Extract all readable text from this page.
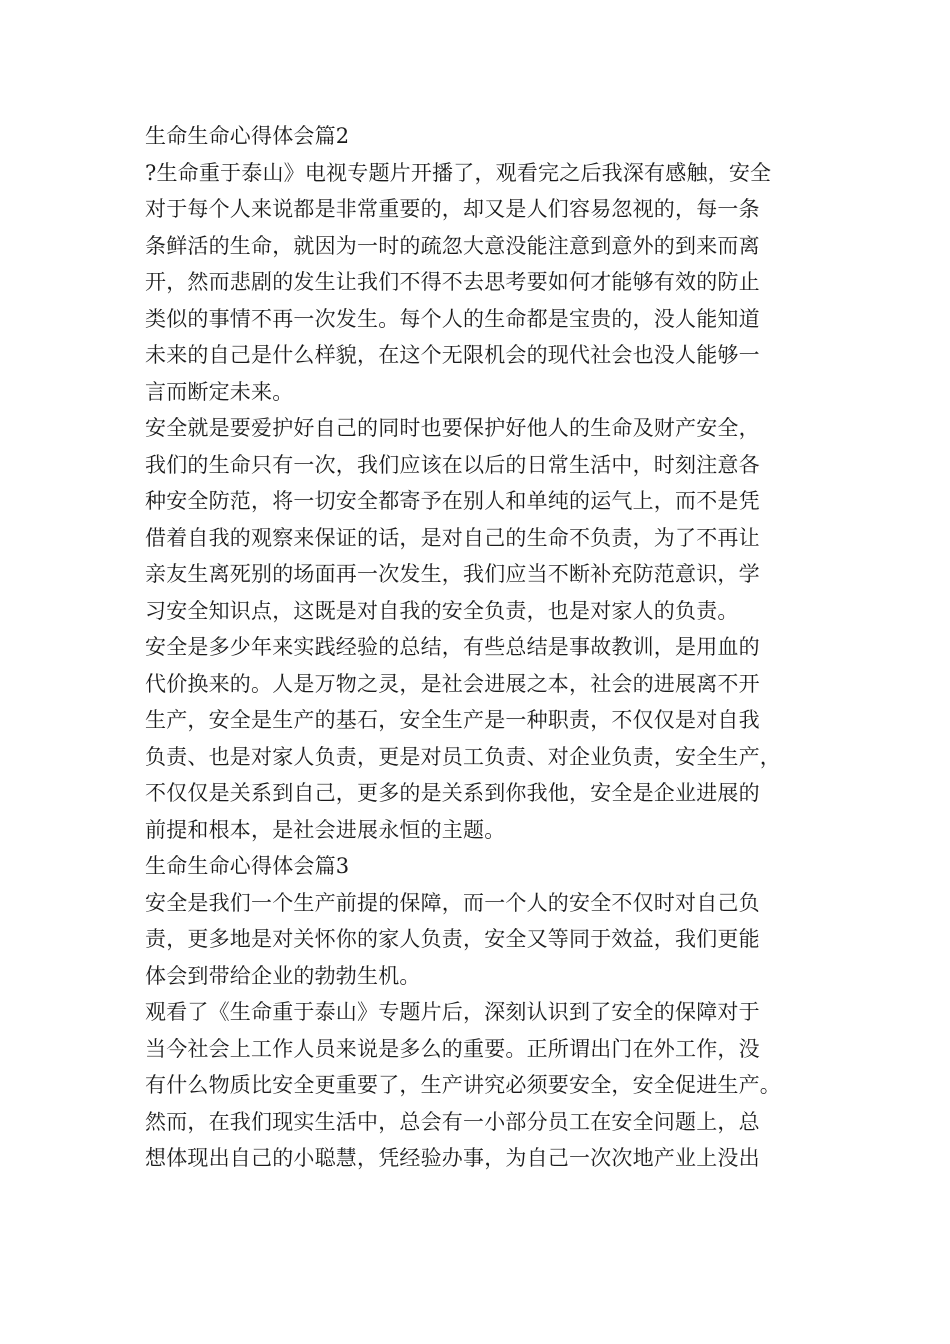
生命生命心得体会篇2
?生命重于泰山》电视专题片开播了，观看完之后我深有感触，安全
对于每个人来说都是非常重要的，却又是人们容易忽视的，每一条
条鲜活的生命，就因为一时的疏忽大意没能注意到意外的到来而离
开，然而悲剧的发生让我们不得不去思考要如何才能够有效的防止
类似的事情不再一次发生。每个人的生命都是宝贵的，没人能知道
未来的自己是什么样貌，在这个无限机会的现代社会也没人能够一
言而断定未来。
安全就是要爱护好自己的同时也要保护好他人的生命及财产安全，
我们的生命只有一次，我们应该在以后的日常生活中，时刻注意各
种安全防范，将一切安全都寄予在别人和单纯的运气上，而不是凭
借着自我的观察来保证的话，是对自己的生命不负责，为了不再让
亲友生离死别的场面再一次发生，我们应当不断补充防范意识，学
习安全知识点，这既是对自我的安全负责，也是对家人的负责。
安全是多少年来实践经验的总结，有些总结是事故教训，是用血的
代价换来的。人是万物之灵，是社会进展之本，社会的进展离不开
生产，安全是生产的基石，安全生产是一种职责，不仅仅是对自我
负责、也是对家人负责，更是对员工负责、对企业负责，安全生产，
不仅仅是关系到自己，更多的是关系到你我他，安全是企业进展的
前提和根本，是社会进展永恒的主题。
生命生命心得体会篇3
安全是我们一个生产前提的保障，而一个人的安全不仅时对自己负
责，更多地是对关怀你的家人负责，安全又等同于效益，我们更能
体会到带给企业的勃勃生机。
观看了《生命重于泰山》专题片后，深刻认识到了安全的保障对于
当今社会上工作人员来说是多么的重要。正所谓出门在外工作，没
有什么物质比安全更重要了，生产讲究必须要安全，安全促进生产。
然而，在我们现实生活中，总会有一小部分员工在安全问题上，总
想体现出自己的小聪慧，凭经验办事，为自己一次次地产业上没出
